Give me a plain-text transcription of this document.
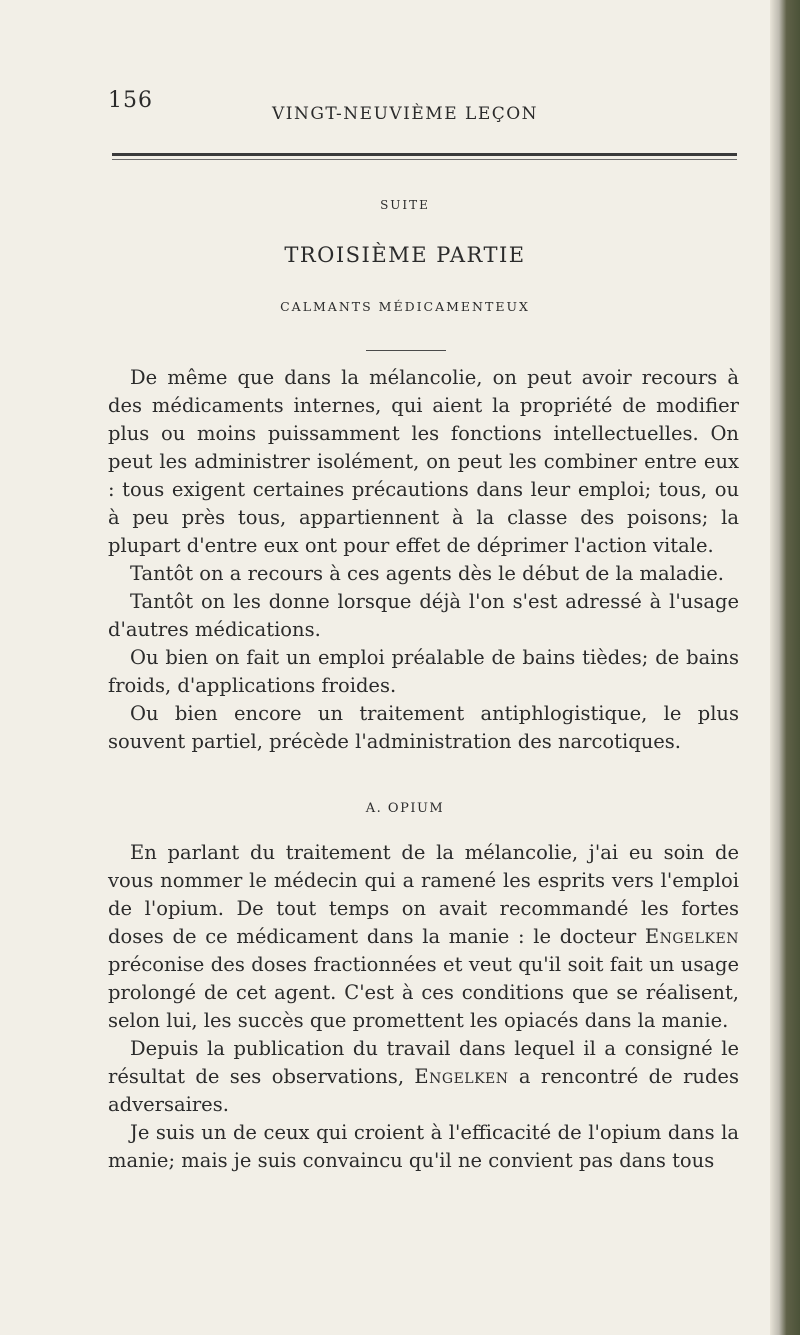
156
VINGT-NEUVIÈME LEÇON
SUITE
TROISIÈME PARTIE
CALMANTS MÉDICAMENTEUX

De même que dans la mélancolie, on peut avoir recours à des médicaments internes, qui aient la propriété de modifier plus ou moins puissamment les fonctions intellectuelles. On peut les administrer isolément, on peut les combiner entre eux : tous exigent certaines précautions dans leur emploi; tous, ou à peu près tous, appartiennent à la classe des poisons; la plupart d'entre eux ont pour effet de déprimer l'action vitale.

Tantôt on a recours à ces agents dès le début de la maladie.

Tantôt on les donne lorsque déjà l'on s'est adressé à l'usage d'autres médications.

Ou bien on fait un emploi préalable de bains tièdes; de bains froids, d'applications froides.

Ou bien encore un traitement antiphlogistique, le plus souvent partiel, précède l'administration des narcotiques.

A. OPIUM

En parlant du traitement de la mélancolie, j'ai eu soin de vous nommer le médecin qui a ramené les esprits vers l'emploi de l'opium. De tout temps on avait recommandé les fortes doses de ce médicament dans la manie : le docteur Engelken préconise des doses fractionnées et veut qu'il soit fait un usage prolongé de cet agent. C'est à ces conditions que se réalisent, selon lui, les succès que promettent les opiacés dans la manie.

Depuis la publication du travail dans lequel il a consigné le résultat de ses observations, Engelken a rencontré de rudes adversaires.

Je suis un de ceux qui croient à l'efficacité de l'opium dans la manie; mais je suis convaincu qu'il ne convient pas dans tous
